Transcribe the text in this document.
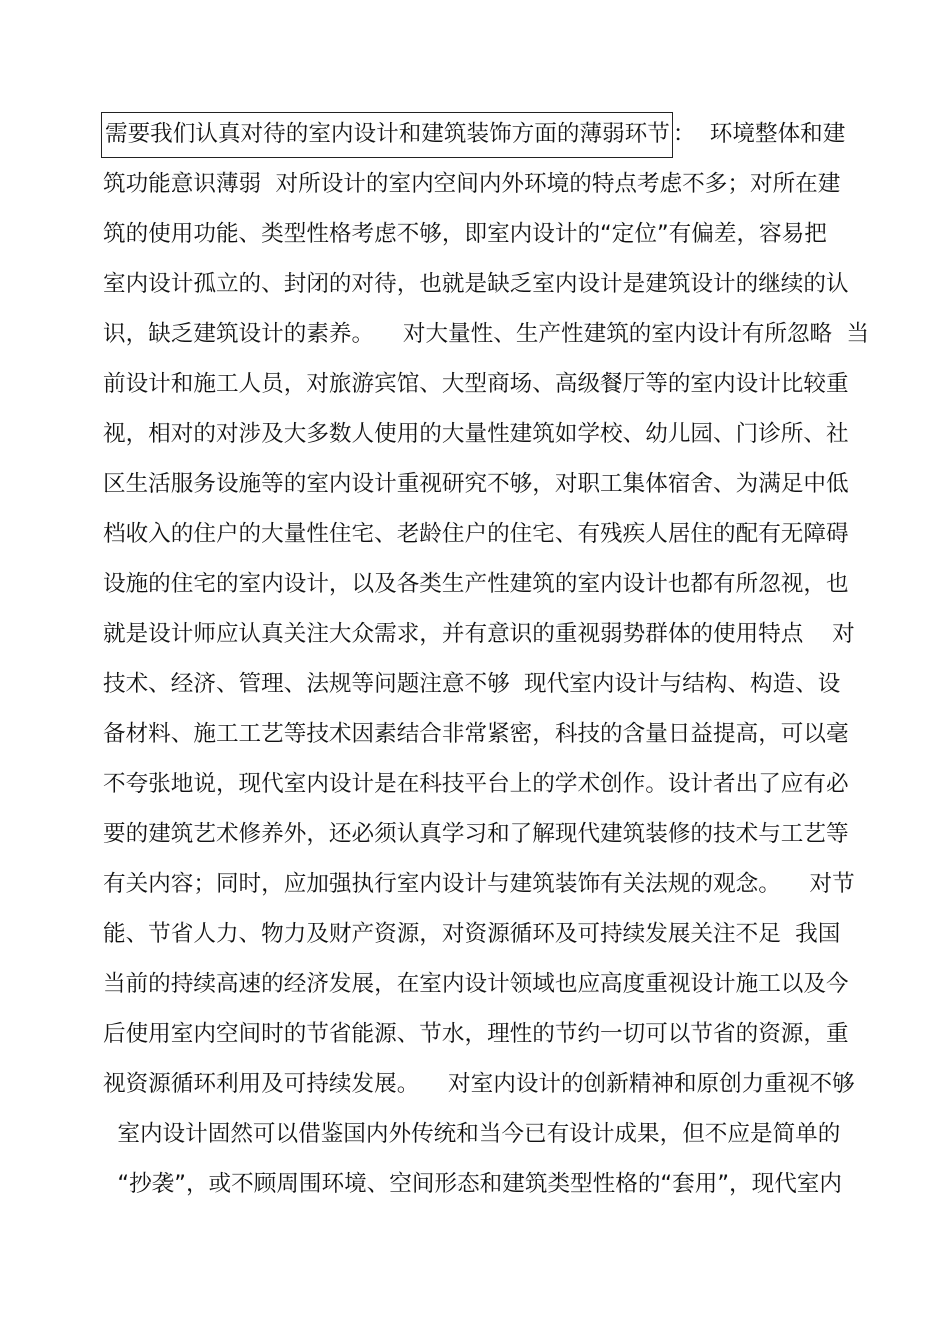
需要我们认真对待的室内设计和建筑装饰方面的薄弱环节 ：  环境整体和建
筑功能意识薄弱  对所设计的室内空间内外环境的特点考虑不多；对所在建
筑的使用功能、类型性格考虑不够，即室内设计的“定位”有偏差，容易把
室内设计孤立的、封闭的对待，也就是缺乏室内设计是建筑设计的继续的认
识，缺乏建筑设计的素养。    对大量性、生产性建筑的室内设计有所忽略  当
前设计和施工人员，对旅游宾馆、大型商场、高级餐厅等的室内设计比较重
视，相对的对涉及大多数人使用的大量性建筑如学校、幼儿园、门诊所、社
区生活服务设施等的室内设计重视研究不够，对职工集体宿舍、为满足中低
档收入的住户的大量性住宅、老龄住户的住宅、有残疾人居住的配有无障碍
设施的住宅的室内设计，以及各类生产性建筑的室内设计也都有所忽视，也
就是设计师应认真关注大众需求，并有意识的重视弱势群体的使用特点    对
技术、经济、管理、法规等问题注意不够  现代室内设计与结构、构造、设
备材料、施工工艺等技术因素结合非常紧密，科技的含量日益提高，可以毫
不夸张地说，现代室内设计是在科技平台上的学术创作。设计者出了应有必
要的建筑艺术修养外，还必须认真学习和了解现代建筑装修的技术与工艺等
有关内容；同时，应加强执行室内设计与建筑装饰有关法规的观念。    对节
能、节省人力、物力及财产资源，对资源循环及可持续发展关注不足  我国
当前的持续高速的经济发展，在室内设计领域也应高度重视设计施工以及今
后使用室内空间时的节省能源、节水，理性的节约一切可以节省的资源，重
视资源循环利用及可持续发展。    对室内设计的创新精神和原创力重视不够
室内设计固然可以借鉴国内外传统和当今已有设计成果，但不应是简单的
“抄袭”，或不顾周围环境、空间形态和建筑类型性格的“套用”，现代室内
